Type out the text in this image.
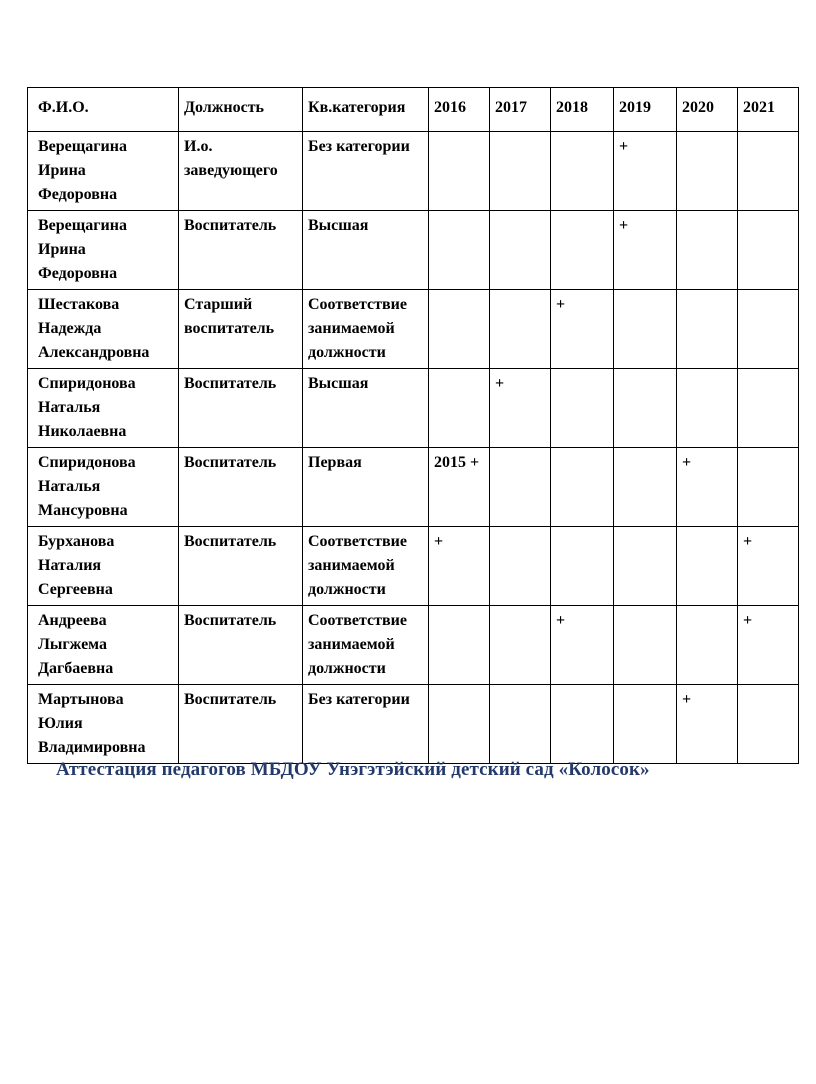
Ф.И.О.	Должность	Кв.категория	2016	2017	2018	2019	2020	2021

Верещагина
Ирина
Федоровна	И.о. заведующего	Без категории				+		

Верещагина
Ирина
Федоровна	Воспитатель	Высшая				+		

Шестакова
Надежда
Александровна	Старший воспитатель	Соответствие занимаемой должности			+			

Спиридонова
Наталья
Николаевна	Воспитатель	Высшая		+				

Спиридонова
Наталья
Мансуровна	Воспитатель	Первая	2015 +				+	

Бурханова
Наталия
Сергеевна	Воспитатель	Соответствие занимаемой должности	+					+

Андреева
Лыгжема
Дагбаевна	Воспитатель	Соответствие занимаемой должности			+			+

Мартынова
Юлия
Владимировна	Воспитатель	Без категории					+	
Аттестация педагогов МБДОУ Унэгэтэйский детский сад «Колосок»
